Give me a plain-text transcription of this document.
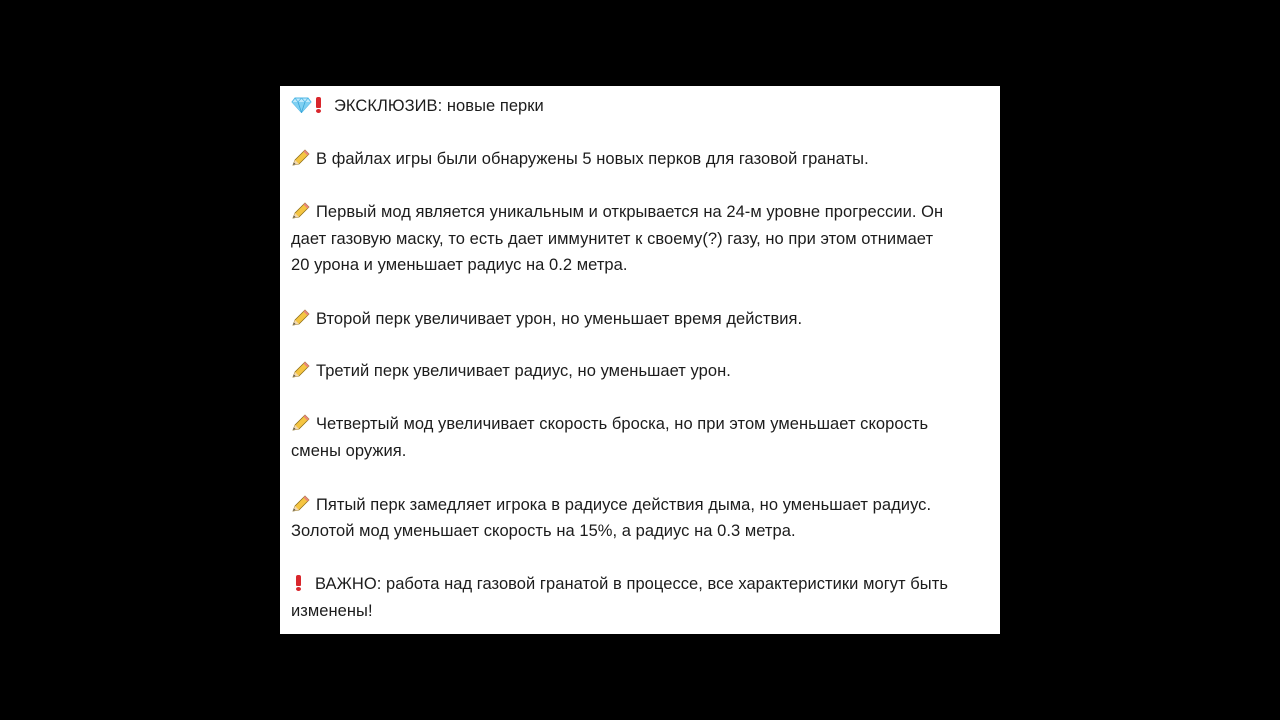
ЭКСКЛЮЗИВ: новые перки
В файлах игры были обнаружены 5 новых перков для газовой гранаты.
Первый мод является уникальным и открывается на 24-м уровне прогрессии. Он
дает газовую маску, то есть дает иммунитет к своему(?) газу, но при этом отнимает
20 урона и уменьшает радиус на 0.2 метра.
Второй перк увеличивает урон, но уменьшает время действия.
Третий перк увеличивает радиус, но уменьшает урон.
Четвертый мод увеличивает скорость броска, но при этом уменьшает скорость
смены оружия.
Пятый перк замедляет игрока в радиусе действия дыма, но уменьшает радиус.
Золотой мод уменьшает скорость на 15%, а радиус на 0.3 метра.
ВАЖНО: работа над газовой гранатой в процессе, все характеристики могут быть
изменены!
